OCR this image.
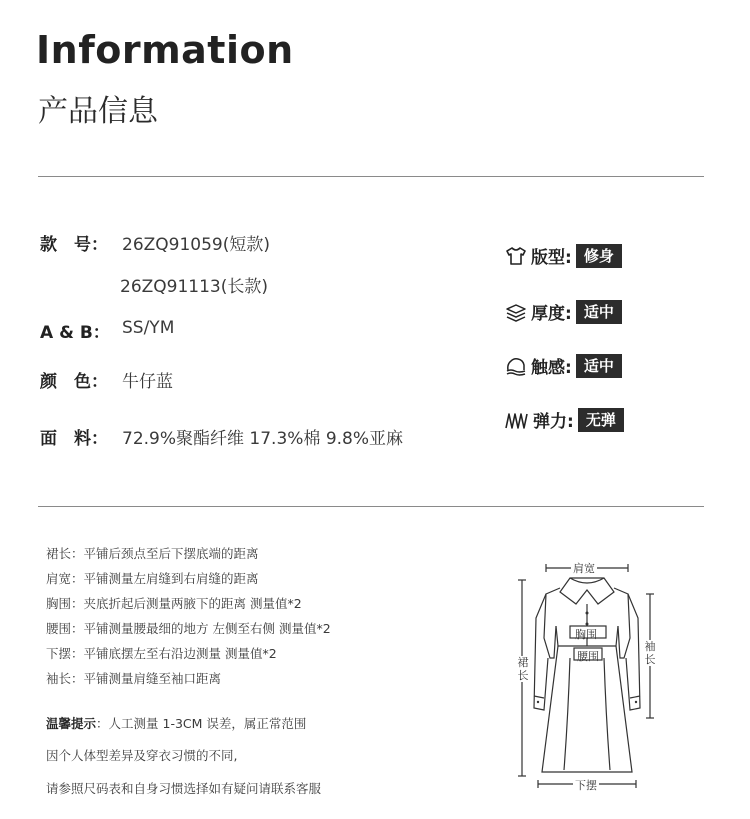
Information
产品信息
款　号： 26ZQ91059(短款)
26ZQ91113(长款)
A & B： SS/YM
颜　色： 牛仔蓝
面　料： 72.9%聚酯纤维 17.3%棉 9.8%亚麻
版型: 修身
厚度: 适中
触感: 适中
弹力: 无弹
裙长：平铺后颈点至后下摆底端的距离
肩宽：平铺测量左肩缝到右肩缝的距离
胸围：夹底折起后测量两腋下的距离 测量值*2
腰围：平铺测量腰最细的地方 左侧至右侧 测量值*2
下摆：平铺底摆左至右沿边测量 测量值*2
袖长：平铺测量肩缝至袖口距离
温馨提示：人工测量 1-3CM 误差，属正常范围
因个人体型差异及穿衣习惯的不同,
请参照尺码表和自身习惯选择如有疑问请联系客服
肩宽
胸围
腰围
裙长
袖长
下摆
